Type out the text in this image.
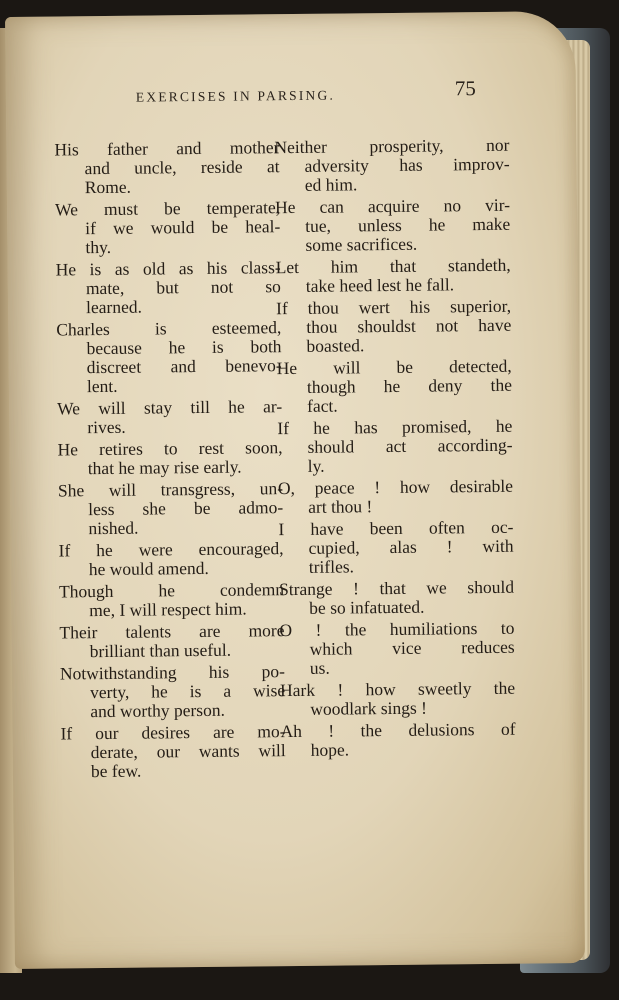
EXERCISES IN PARSING.	75
His father and mother
and uncle, reside at
Rome.
We must be temperate,
if we would be heal-
thy.
He is as old as his class-
mate, but not so
learned.
Charles is esteemed,
because he is both
discreet and benevo-
lent.
We will stay till he ar-
rives.
He retires to rest soon,
that he may rise early.
She will transgress, un-
less she be admo-
nished.
If he were encouraged,
he would amend.
Though he condemn
me, I will respect him.
Their talents are more
brilliant than useful.
Notwithstanding his po-
verty, he is a wise
and worthy person.
If our desires are mo-
derate, our wants will
be few.
Neither prosperity, nor
adversity has improv-
ed him.
He can acquire no vir-
tue, unless he make
some sacrifices.
Let him that standeth,
take heed lest he fall.
If thou wert his superior,
thou shouldst not have
boasted.
He will be detected,
though he deny the
fact.
If he has promised, he
should act according-
ly.
O, peace ! how desirable
art thou !
I have been often oc-
cupied, alas ! with
trifles.
Strange ! that we should
be so infatuated.
O ! the humiliations to
which vice reduces
us.
Hark ! how sweetly the
woodlark sings !
Ah ! the delusions of
hope.
